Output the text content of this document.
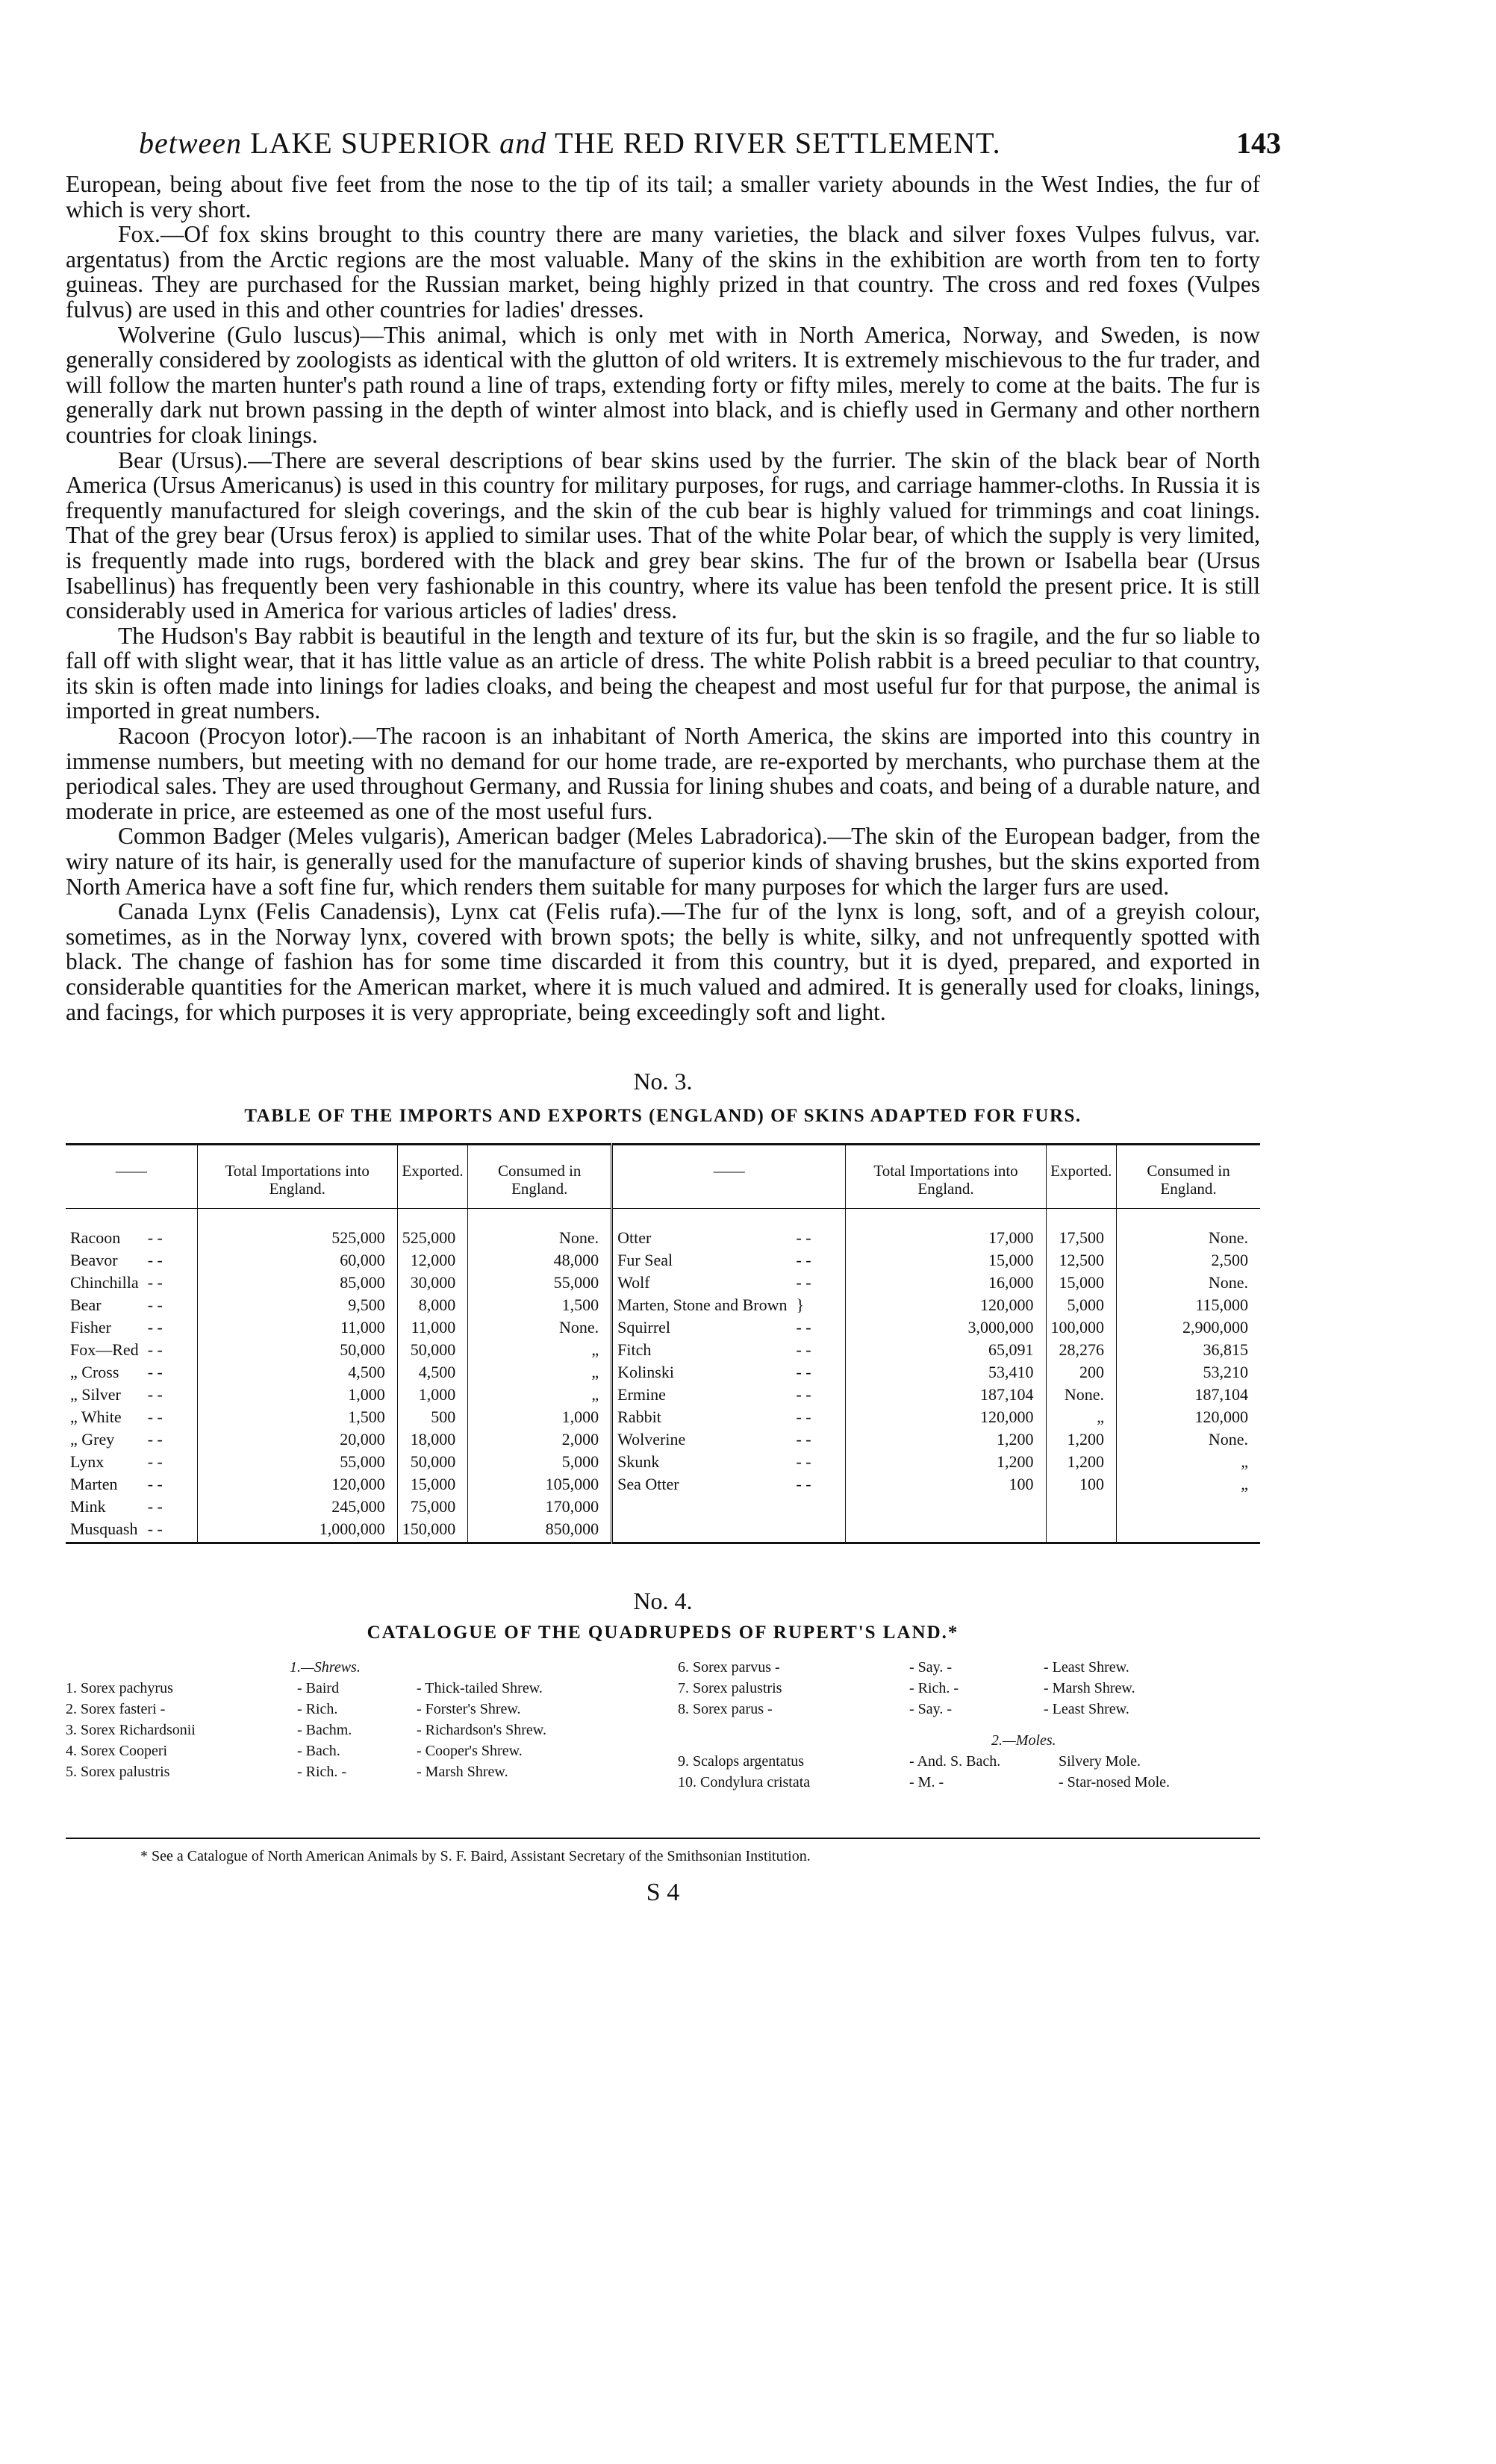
between LAKE SUPERIOR and THE RED RIVER SETTLEMENT.	143

European, being about five feet from the nose to the tip of its tail; a smaller variety abounds in the West Indies, the fur of which is very short.

Fox.—Of fox skins brought to this country there are many varieties, the black and silver foxes Vulpes fulvus, var. argentatus) from the Arctic regions are the most valuable. Many of the skins in the exhibition are worth from ten to forty guineas. They are purchased for the Russian market, being highly prized in that country. The cross and red foxes (Vulpes fulvus) are used in this and other countries for ladies' dresses.

Wolverine (Gulo luscus)—This animal, which is only met with in North America, Norway, and Sweden, is now generally considered by zoologists as identical with the glutton of old writers. It is extremely mischievous to the fur trader, and will follow the marten hunter's path round a line of traps, extending forty or fifty miles, merely to come at the baits. The fur is generally dark nut brown passing in the depth of winter almost into black, and is chiefly used in Germany and other northern countries for cloak linings.

Bear (Ursus).—There are several descriptions of bear skins used by the furrier. The skin of the black bear of North America (Ursus Americanus) is used in this country for military purposes, for rugs, and carriage hammer-cloths. In Russia it is frequently manufactured for sleigh coverings, and the skin of the cub bear is highly valued for trimmings and coat linings. That of the grey bear (Ursus ferox) is applied to similar uses. That of the white Polar bear, of which the supply is very limited, is frequently made into rugs, bordered with the black and grey bear skins. The fur of the brown or Isabella bear (Ursus Isabellinus) has frequently been very fashionable in this country, where its value has been tenfold the present price. It is still considerably used in America for various articles of ladies' dress.

The Hudson's Bay rabbit is beautiful in the length and texture of its fur, but the skin is so fragile, and the fur so liable to fall off with slight wear, that it has little value as an article of dress. The white Polish rabbit is a breed peculiar to that country, its skin is often made into linings for ladies cloaks, and being the cheapest and most useful fur for that purpose, the animal is imported in great numbers.

Racoon (Procyon lotor).—The racoon is an inhabitant of North America, the skins are imported into this country in immense numbers, but meeting with no demand for our home trade, are re-exported by merchants, who purchase them at the periodical sales. They are used throughout Germany, and Russia for lining shubes and coats, and being of a durable nature, and moderate in price, are esteemed as one of the most useful furs.

Common Badger (Meles vulgaris), American badger (Meles Labradorica).—The skin of the European badger, from the wiry nature of its hair, is generally used for the manufacture of superior kinds of shaving brushes, but the skins exported from North America have a soft fine fur, which renders them suitable for many purposes for which the larger furs are used.

Canada Lynx (Felis Canadensis), Lynx cat (Felis rufa).—The fur of the lynx is long, soft, and of a greyish colour, sometimes, as in the Norway lynx, covered with brown spots; the belly is white, silky, and not unfrequently spotted with black. The change of fashion has for some time discarded it from this country, but it is dyed, prepared, and exported in considerable quantities for the American market, where it is much valued and admired. It is generally used for cloaks, linings, and facings, for which purposes it is very appropriate, being exceedingly soft and light.

No. 3.
TABLE OF THE IMPORTS AND EXPORTS (ENGLAND) OF SKINS ADAPTED FOR FURS.
——		Total Importations into England.	Exported.	Consumed in England.	——		Total Importations into England.	Exported.	Consumed in England.
Racoon	- -	525,000	525,000	None.	Otter	- -	17,000	17,500	None.
Beavor	- -	60,000	12,000	48,000	Fur Seal	- -	15,000	12,500	2,500
Chinchilla	- -	85,000	30,000	55,000	Wolf	- -	16,000	15,000	None.
Bear	- -	9,500	8,000	1,500	Marten, Stone and Brown	}	120,000	5,000	115,000
Fisher	- -	11,000	11,000	None.	Squirrel	- -	3,000,000	100,000	2,900,000
Fox—Red	- -	50,000	50,000	„	Fitch	- -	65,091	28,276	36,815
„ Cross	- -	4,500	4,500	„	Kolinski	- -	53,410	200	53,210
„ Silver	- -	1,000	1,000	„	Ermine	- -	187,104	None.	187,104
„ White	- -	1,500	500	1,000	Rabbit	- -	120,000	„	120,000
„ Grey	- -	20,000	18,000	2,000	Wolverine	- -	1,200	1,200	None.
Lynx	- -	55,000	50,000	5,000	Skunk	- -	1,200	1,200	„
Marten	- -	120,000	15,000	105,000	Sea Otter	- -	100	100	„
Mink	- -	245,000	75,000	170,000					
Musquash	- -	1,000,000	150,000	850,000					
No. 4.
CATALOGUE OF THE QUADRUPEDS OF RUPERT'S LAND.*
1.—Shrews.
1. Sorex pachyrus	- Baird	- Thick-tailed Shrew.
2. Sorex fasteri -	- Rich.	- Forster's Shrew.
3. Sorex Richardsonii	- Bachm.	- Richardson's Shrew.
4. Sorex Cooperi	- Bach.	- Cooper's Shrew.
5. Sorex palustris	- Rich. -	- Marsh Shrew.
6. Sorex parvus -	- Say. -	- Least Shrew.
7. Sorex palustris	- Rich. -	- Marsh Shrew.
8. Sorex parus -	- Say. -	- Least Shrew.
2.—Moles.
9. Scalops argentatus	- And. S. Bach.	Silvery Mole.
10. Condylura cristata	- M. -	- Star-nosed Mole.
* See a Catalogue of North American Animals by S. F. Baird, Assistant Secretary of the Smithsonian Institution.
S 4
